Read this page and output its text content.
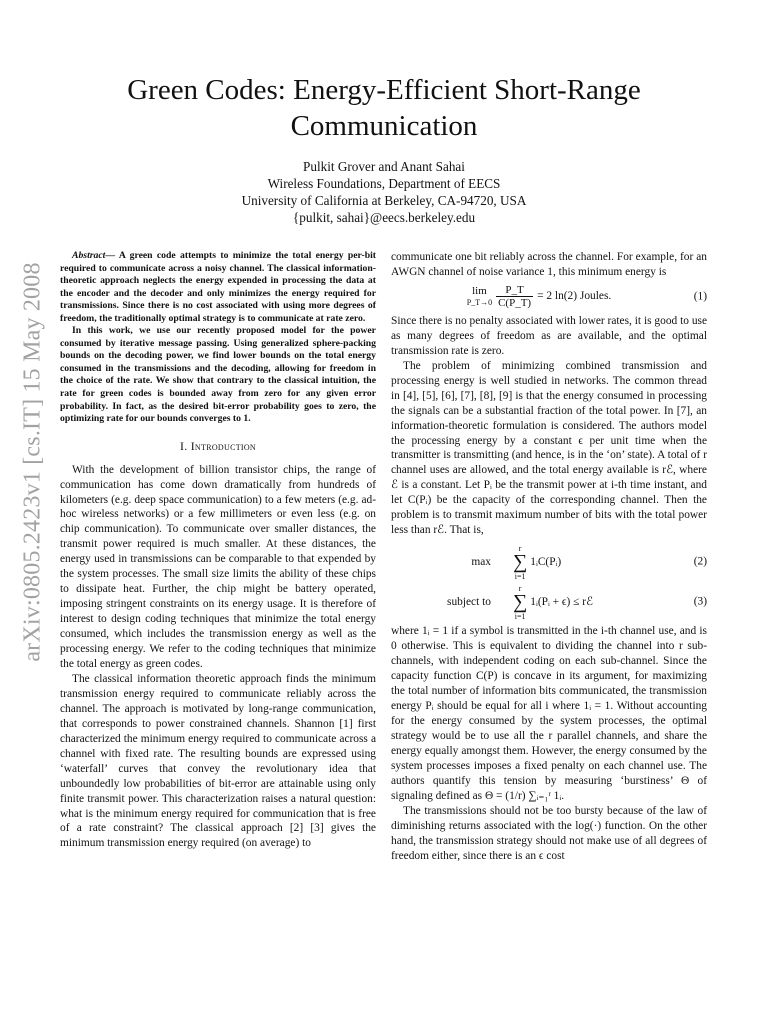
arXiv:0805.2423v1 [cs.IT] 15 May 2008
Green Codes: Energy-Efficient Short-Range
Communication
Pulkit Grover and Anant Sahai
Wireless Foundations, Department of EECS
University of California at Berkeley, CA-94720, USA
{pulkit, sahai}@eecs.berkeley.edu

Abstract— A green code attempts to minimize the total energy per-bit required to communicate across a noisy channel. The classical information-theoretic approach neglects the energy expended in processing the data at the encoder and the decoder and only minimizes the energy required for transmissions. Since there is no cost associated with using more degrees of freedom, the traditionally optimal strategy is to communicate at rate zero.

In this work, we use our recently proposed model for the power consumed by iterative message passing. Using generalized sphere-packing bounds on the decoding power, we find lower bounds on the total energy consumed in the transmissions and the decoding, allowing for freedom in the choice of the rate. We show that contrary to the classical intuition, the rate for green codes is bounded away from zero for any given error probability. In fact, as the desired bit-error probability goes to zero, the optimizing rate for our bounds converges to 1.

I. Introduction

With the development of billion transistor chips, the range of communication has come down dramatically from hundreds of kilometers (e.g. deep space communication) to a few meters (e.g. ad-hoc wireless networks) or a few millimeters or even less (e.g. on chip communication). To communicate over smaller distances, the transmit power required is much smaller. At these distances, the energy used in transmissions can be comparable to that expended by the system processes. The small size limits the ability of these chips to dissipate heat. Further, the chip might be battery operated, imposing stringent constraints on its energy usage. It is therefore of interest to design coding techniques that minimize the total energy consumed, which includes the transmission energy as well as the processing energy. We refer to the coding techniques that minimize the total energy as green codes.

The classical information theoretic approach finds the minimum transmission energy required to communicate reliably across the channel. The approach is motivated by long-range communication, that corresponds to power constrained channels. Shannon [1] first characterized the minimum energy required to communicate across a channel with fixed rate. The resulting bounds are expressed using ‘waterfall’ curves that convey the revolutionary idea that unboundedly low probabilities of bit-error are attainable using only finite transmit power. This characterization raises a natural question: what is the minimum energy required for communication that is free of a rate constraint? The classical approach [2] [3] gives the minimum transmission energy required (on average) to

communicate one bit reliably across the channel. For example, for an AWGN channel of noise variance 1, this minimum energy is

lim
P_T→0 $\frac{P\_T}{C(P\_T)} = 2$ ln(2) Joules.	(1)

Since there is no penalty associated with lower rates, it is good to use as many degrees of freedom as are available, and the optimal transmission rate is zero.

The problem of minimizing combined transmission and processing energy is well studied in networks. The common thread in [4], [5], [6], [7], [8], [9] is that the energy consumed in processing the signals can be a substantial fraction of the total power. In [7], an information-theoretic formulation is considered. The authors model the processing energy by a constant ϵ per unit time when the transmitter is transmitting (and hence, is in the ‘on’ state). A total of r channel uses are allowed, and the total energy available is rℰ, where ℰ is a constant. Let Pᵢ be the transmit power at i-th time instant, and let C(Pᵢ) be the capacity of the corresponding channel. Then the problem is to transmit maximum number of bits with the total power less than rℰ. That is,

max
r
∑
i=1
1ᵢC(Pᵢ)	(2)
subject to
r
∑
i=1
1ᵢ(Pᵢ + ϵ) ≤ rℰ	(3)

where 1ᵢ = 1 if a symbol is transmitted in the i-th channel use, and is 0 otherwise. This is equivalent to dividing the channel into r sub-channels, with independent coding on each sub-channel. Since the capacity function C(P) is concave in its argument, for maximizing the total number of information bits communicated, the transmission energy Pᵢ should be equal for all i where 1ᵢ = 1. Without accounting for the energy consumed by the system processes, the optimal strategy would be to use all the r parallel channels, and share the energy equally amongst them. However, the energy consumed by the system processes imposes a fixed penalty on each channel use. The authors quantify this tension by measuring ‘burstiness’ Θ of signaling defined as Θ = (1/r) ∑ᵢ₌₁ʳ 1ᵢ.

The transmissions should not be too bursty because of the law of diminishing returns associated with the log(·) function. On the other hand, the transmission strategy should not make use of all degrees of freedom either, since there is an ϵ cost
